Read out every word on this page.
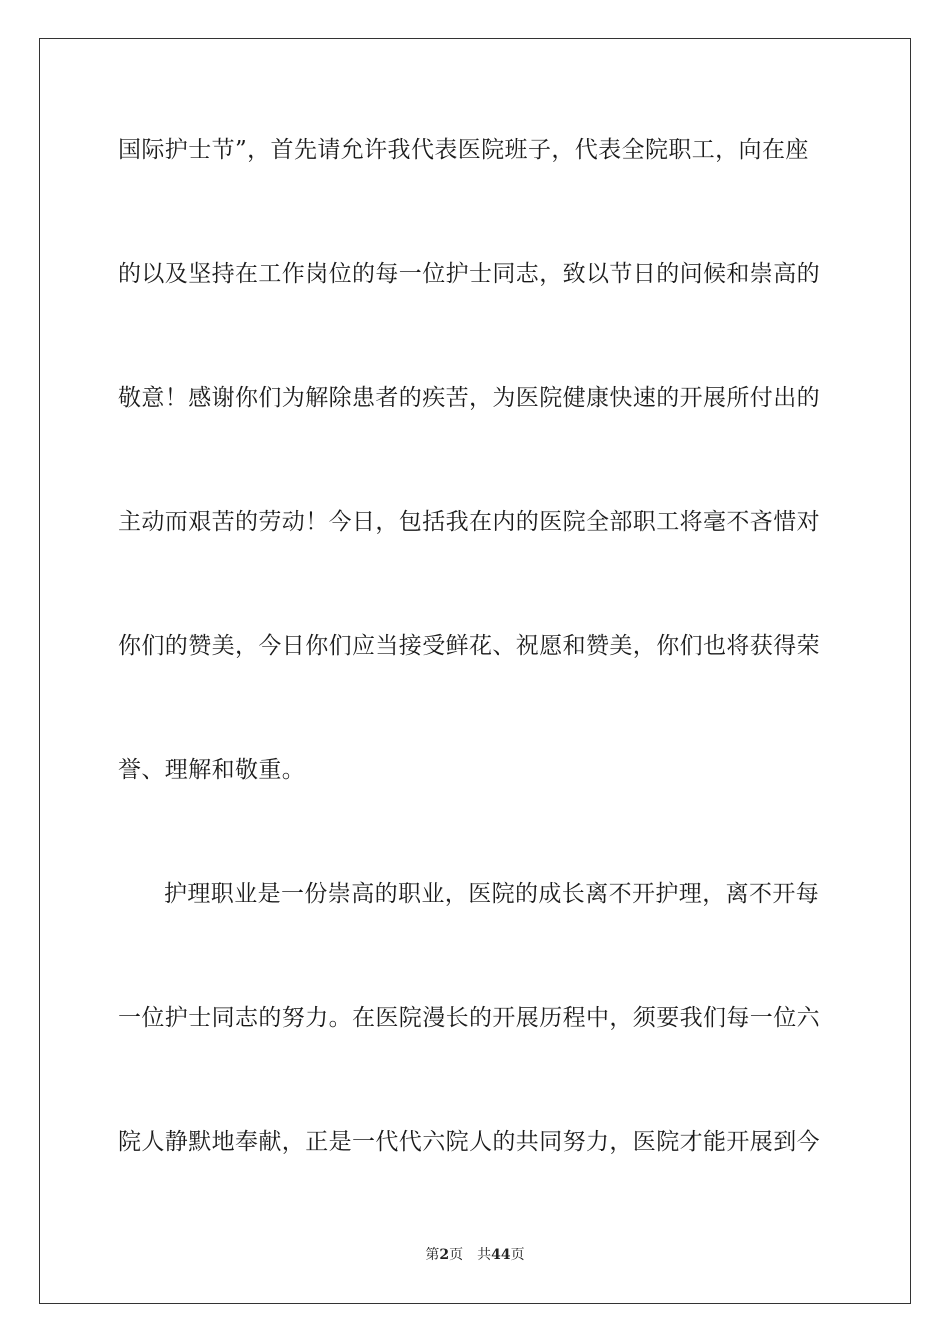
国际护士节”，首先请允许我代表医院班子，代表全院职工，向在座

的以及坚持在工作岗位的每一位护士同志，致以节日的问候和崇高的

敬意！感谢你们为解除患者的疾苦，为医院健康快速的开展所付出的

主动而艰苦的劳动！今日，包括我在内的医院全部职工将毫不吝惜对

你们的赞美，今日你们应当接受鲜花、祝愿和赞美，你们也将获得荣

誉、理解和敬重。

护理职业是一份崇高的职业，医院的成长离不开护理，离不开每

一位护士同志的努力。在医院漫长的开展历程中，须要我们每一位六

院人静默地奉献，正是一代代六院人的共同努力，医院才能开展到今

第2页 共44页
